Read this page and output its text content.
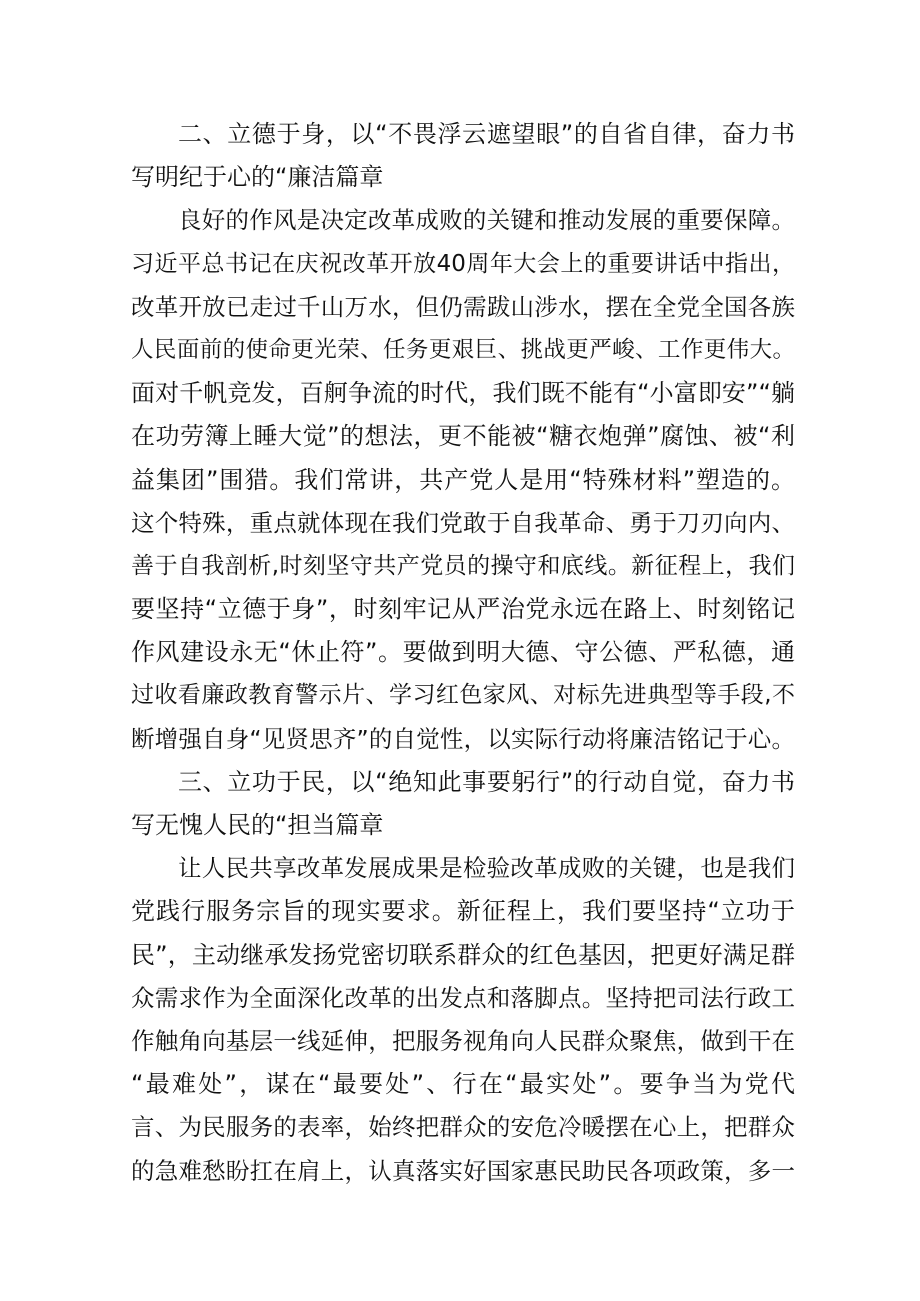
二、立德于身，以“不畏浮云遮望眼”的自省自律，奋力书
写明纪于心的“廉洁篇章
良好的作风是决定改革成败的关键和推动发展的重要保障。
习近平总书记在庆祝改革开放40周年大会上的重要讲话中指出，
改革开放已走过千山万水，但仍需跋山涉水，摆在全党全国各族
人民面前的使命更光荣、任务更艰巨、挑战更严峻、工作更伟大。
面对千帆竞发，百舸争流的时代，我们既不能有“小富即安”“躺
在功劳簿上睡大觉”的想法，更不能被“糖衣炮弹”腐蚀、被“利
益集团”围猎。我们常讲，共产党人是用“特殊材料”塑造的。
这个特殊，重点就体现在我们党敢于自我革命、勇于刀刃向内、
善于自我剖析,时刻坚守共产党员的操守和底线。新征程上，我们
要坚持“立德于身”，时刻牢记从严治党永远在路上、时刻铭记
作风建设永无“休止符”。要做到明大德、守公德、严私德，通
过收看廉政教育警示片、学习红色家风、对标先进典型等手段,不
断增强自身“见贤思齐”的自觉性，以实际行动将廉洁铭记于心。
三、立功于民，以“绝知此事要躬行”的行动自觉，奋力书
写无愧人民的“担当篇章
让人民共享改革发展成果是检验改革成败的关键，也是我们
党践行服务宗旨的现实要求。新征程上，我们要坚持“立功于
民”，主动继承发扬党密切联系群众的红色基因，把更好满足群
众需求作为全面深化改革的出发点和落脚点。坚持把司法行政工
作触角向基层一线延伸，把服务视角向人民群众聚焦，做到干在
“最难处”，谋在“最要处”、行在“最实处”。要争当为党代
言、为民服务的表率，始终把群众的安危冷暖摆在心上，把群众
的急难愁盼扛在肩上，认真落实好国家惠民助民各项政策，多一
